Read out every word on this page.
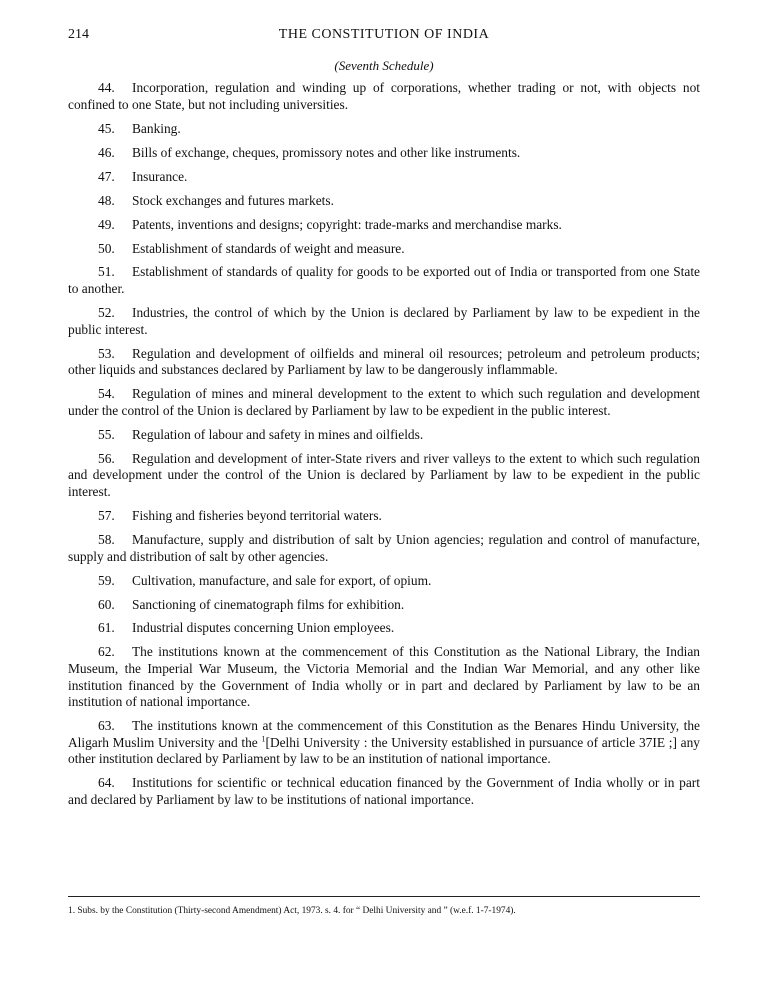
214	THE CONSTITUTION OF INDIA
(Seventh Schedule)

44. Incorporation, regulation and winding up of corporations, whether trading or not, with objects not confined to one State, but not including universities.

45. Banking.

46. Bills of exchange, cheques, promissory notes and other like instruments.

47. Insurance.

48. Stock exchanges and futures markets.

49. Patents, inventions and designs; copyright: trade-marks and merchandise marks.

50. Establishment of standards of weight and measure.

51. Establishment of standards of quality for goods to be exported out of India or transported from one State to another.

52. Industries, the control of which by the Union is declared by Parliament by law to be expedient in the public interest.

53. Regulation and development of oilfields and mineral oil resources; petroleum and petroleum products; other liquids and substances declared by Parliament by law to be dangerously inflammable.

54. Regulation of mines and mineral development to the extent to which such regulation and development under the control of the Union is declared by Parliament by law to be expedient in the public interest.

55. Regulation of labour and safety in mines and oilfields.

56. Regulation and development of inter-State rivers and river valleys to the extent to which such regulation and development under the control of the Union is declared by Parliament by law to be expedient in the public interest.

57. Fishing and fisheries beyond territorial waters.

58. Manufacture, supply and distribution of salt by Union agencies; regulation and control of manufacture, supply and distribution of salt by other agencies.

59. Cultivation, manufacture, and sale for export, of opium.

60. Sanctioning of cinematograph films for exhibition.

61. Industrial disputes concerning Union employees.

62. The institutions known at the commencement of this Constitution as the National Library, the Indian Museum, the Imperial War Museum, the Victoria Memorial and the Indian War Memorial, and any other like institution financed by the Government of India wholly or in part and declared by Parliament by law to be an institution of national importance.

63. The institutions known at the commencement of this Constitution as the Benares Hindu University, the Aligarh Muslim University and the $^1$[Delhi University : the University established in pursuance of article 37IE ;] any other institution declared by Parliament by law to be an institution of national importance.

64. Institutions for scientific or technical education financed by the Government of India wholly or in part and declared by Parliament by law to be institutions of national importance.

1. Subs. by the Constitution (Thirty-second Amendment) Act, 1973. s. 4. for “ Delhi University and ” (w.e.f. 1-7-1974).
